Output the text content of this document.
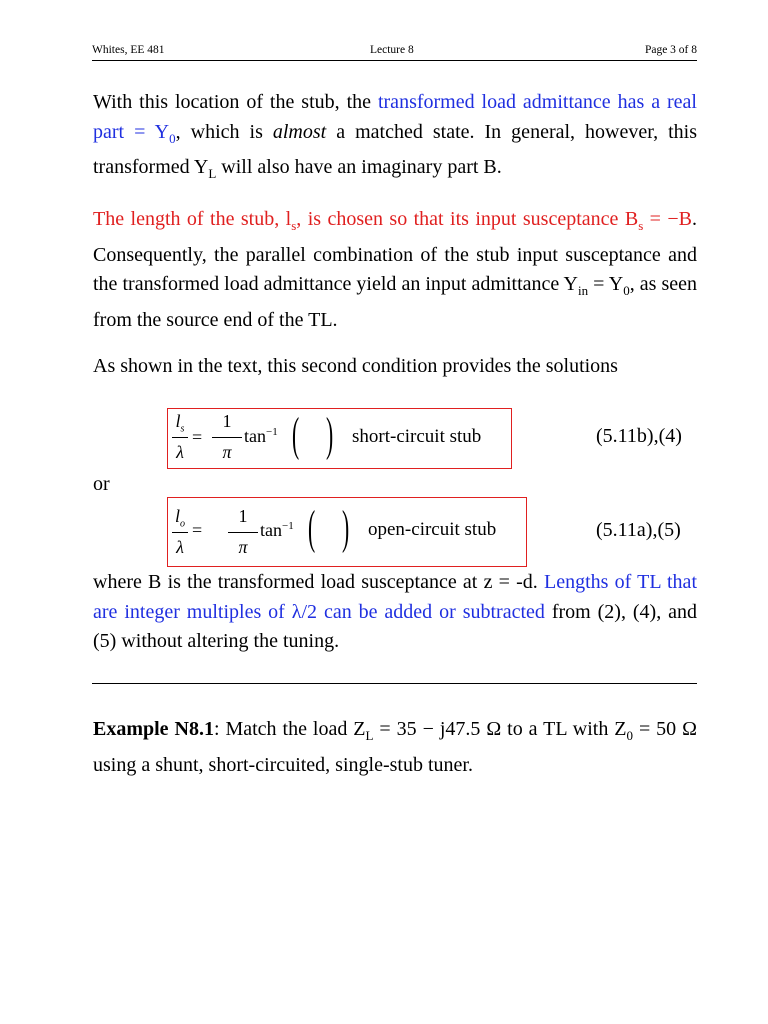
Whites, EE 481	Lecture 8	Page 3 of 8
With this location of the stub, the transformed load admittance has a real part = $Y_0$, which is almost a matched state. In general, however, this transformed $Y_L$ will also have an imaginary part B.
The length of the stub, $l_s$, is chosen so that its input susceptance $B_s = -B$. Consequently, the parallel combination of the stub input susceptance and the transformed load admittance yield an input admittance $Y_{in} = Y_0$, as seen from the source end of the TL.
As shown in the text, this second condition provides the solutions
$l_s$
λ
=
1
π
$\tan^{-1}$ ( ) short-circuit stub	(5.11b),(4)
or
$l_o$
λ
=
1
π
$\tan^{-1}$ ( ) open-circuit stub	(5.11a),(5)
where B is the transformed load susceptance at z = -d. Lengths of TL that are integer multiples of λ/2 can be added or subtracted from (2), (4), and (5) without altering the tuning.
Example N8.1: Match the load $Z_L = 35 - j47.5$ Ω to a TL with $Z_0 = 50$ Ω using a shunt, short-circuited, single-stub tuner.
